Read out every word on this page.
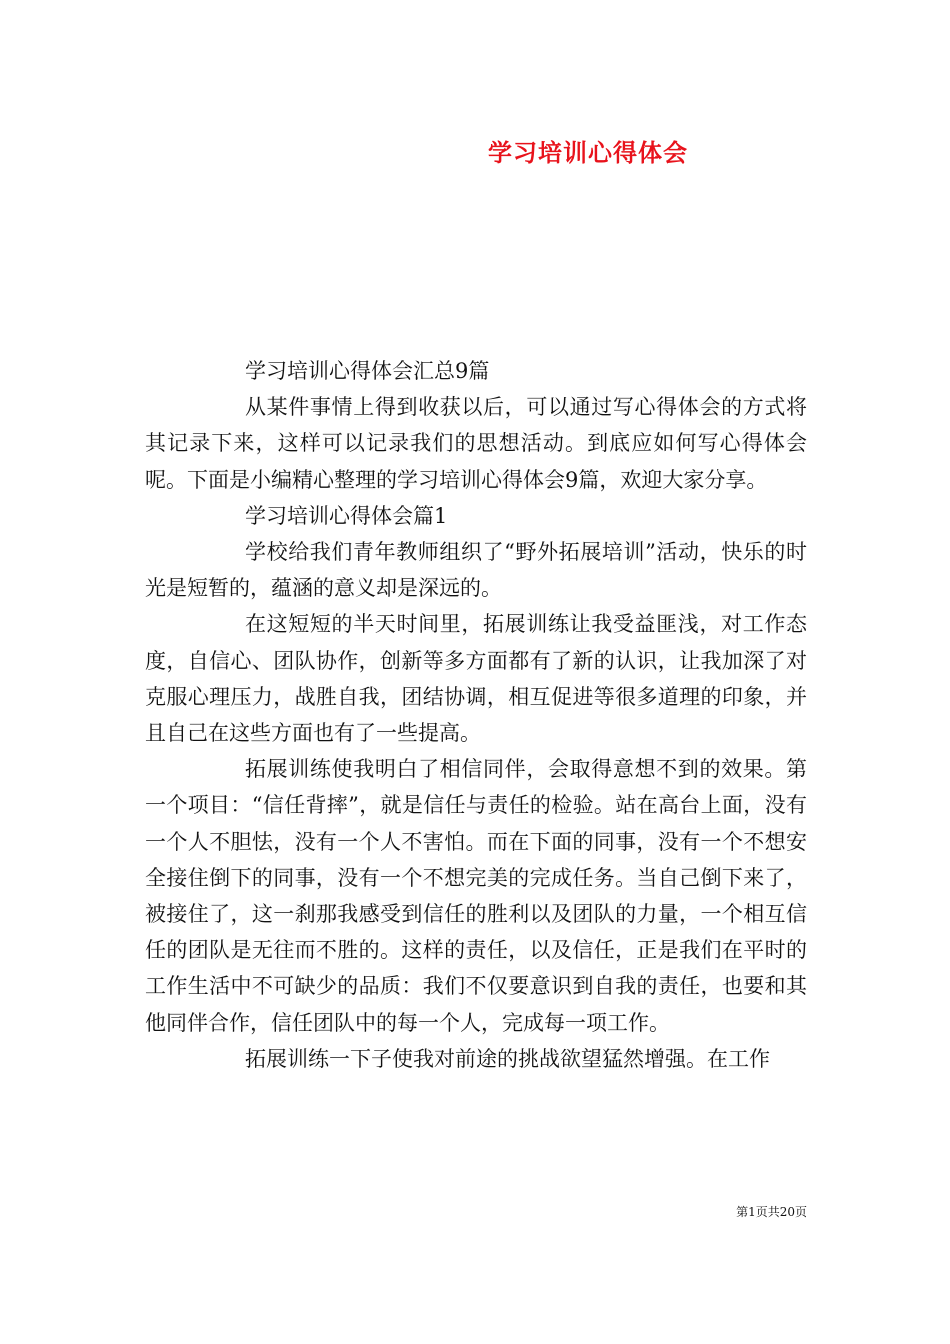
学习培训心得体会

学习培训心得体会汇总9篇

从某件事情上得到收获以后，可以通过写心得体会的方式将其记录下来，这样可以记录我们的思想活动。到底应如何写心得体会呢。下面是小编精心整理的学习培训心得体会9篇，欢迎大家分享。

学习培训心得体会篇1

学校给我们青年教师组织了“野外拓展培训”活动，快乐的时光是短暂的，蕴涵的意义却是深远的。

在这短短的半天时间里，拓展训练让我受益匪浅，对工作态度，自信心、团队协作，创新等多方面都有了新的认识，让我加深了对克服心理压力，战胜自我，团结协调，相互促进等很多道理的印象，并且自己在这些方面也有了一些提高。

拓展训练使我明白了相信同伴，会取得意想不到的效果。第一个项目：“信任背摔”，就是信任与责任的检验。站在高台上面，没有一个人不胆怯，没有一个人不害怕。而在下面的同事，没有一个不想安全接住倒下的同事，没有一个不想完美的完成任务。当自己倒下来了，被接住了，这一刹那我感受到信任的胜利以及团队的力量，一个相互信任的团队是无往而不胜的。这样的责任，以及信任，正是我们在平时的工作生活中不可缺少的品质：我们不仅要意识到自我的责任，也要和其他同伴合作，信任团队中的每一个人，完成每一项工作。

拓展训练一下子使我对前途的挑战欲望猛然增强。在工作

第1页共20页
